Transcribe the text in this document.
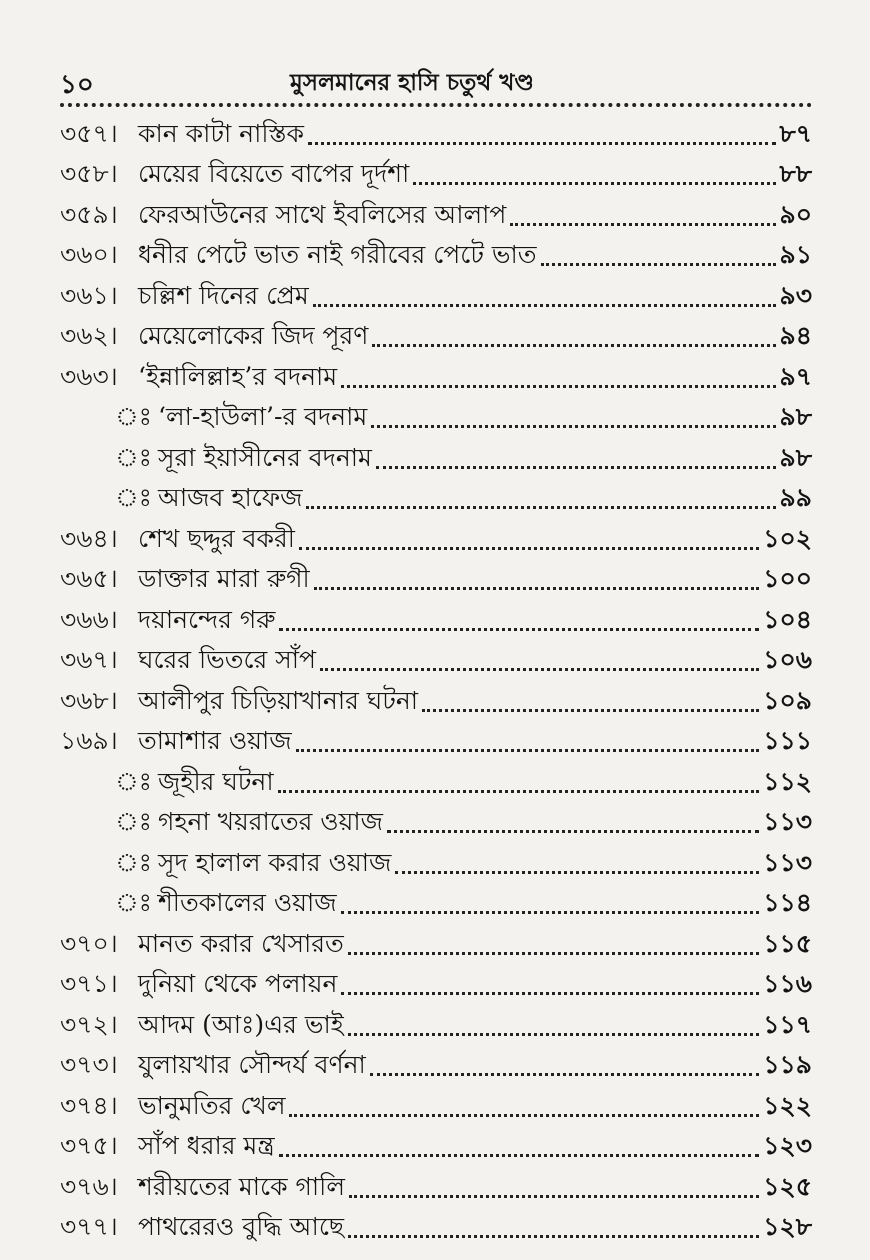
১০	মুসলমানের হাসি চতুর্থ খণ্ড
৩৫৭। কান কাটা নাস্তিক	৮৭
৩৫৮। মেয়ের বিয়েতে বাপের দূর্দশা	৮৮
৩৫৯। ফেরআউনের সাথে ইবলিসের আলাপ	৯০
৩৬০। ধনীর পেটে ভাত নাই গরীবের পেটে ভাত	৯১
৩৬১। চল্লিশ দিনের প্রেম	৯৩
৩৬২। মেয়েলোকের জিদ পূরণ	৯৪
৩৬৩। ‘ইন্নালিল্লাহ’র বদনাম	৯৭
ঃ ‘লা-হাউলা’-র বদনাম	৯৮
ঃ সূরা ইয়াসীনের বদনাম	৯৮
ঃ আজব হাফেজ	৯৯
৩৬৪। শেখ ছদ্দুর বকরী	১০২
৩৬৫। ডাক্তার মারা রুগী	১০০
৩৬৬। দয়ানন্দের গরু	১০৪
৩৬৭। ঘরের ভিতরে সাঁপ	১০৬
৩৬৮। আলীপুর চিড়িয়াখানার ঘটনা	১০৯
১৬৯। তামাশার ওয়াজ	১১১
ঃ জূহীর ঘটনা	১১২
ঃ গহনা খয়রাতের ওয়াজ	১১৩
ঃ সূদ হালাল করার ওয়াজ	১১৩
ঃ শীতকালের ওয়াজ	১১৪
৩৭০। মানত করার খেসারত	১১৫
৩৭১। দুনিয়া থেকে পলায়ন	১১৬
৩৭২। আদম (আঃ)এর ভাই	১১৭
৩৭৩। যুলায়খার সৌন্দর্য বর্ণনা	১১৯
৩৭৪। ভানুমতির খেল	১২২
৩৭৫। সাঁপ ধরার মন্ত্র	১২৩
৩৭৬। শরীয়তের মাকে গালি	১২৫
৩৭৭। পাথরেরও বুদ্ধি আছে	১২৮
